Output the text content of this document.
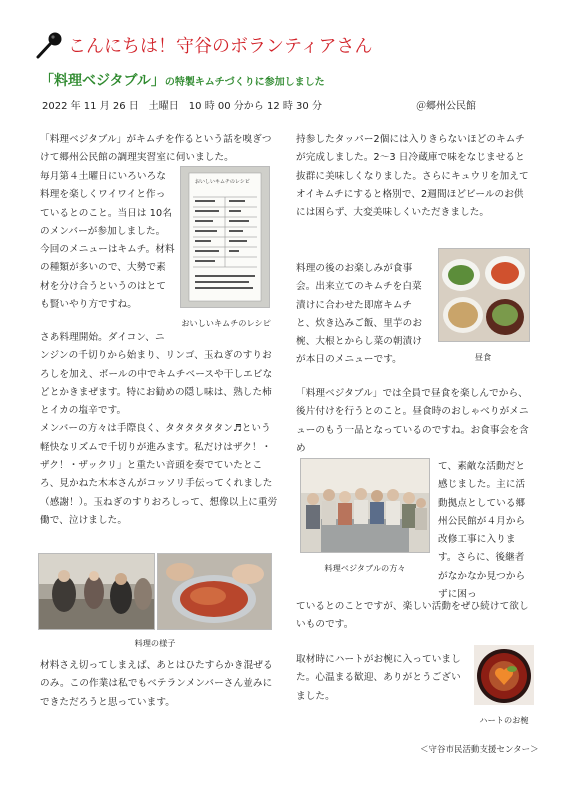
こんにちは！守谷のボランティアさん
「料理ベジタブル」の特製キムチづくりに参加しました
2022 年 11 月 26 日　土曜日　10 時 00 分から 12 時 30 分	＠郷州公民館

「料理ベジタブル」がキムチを作るという話を嗅ぎつけて郷州公民館の調理実習室に伺いました。

毎月第４土曜日にいろいろな料理を楽しくワイワイと作っているとのこと。当日は 10名のメンバーが参加しました。今回のメニューはキムチ。材料の種類が多いので、大勢で素材を分け合うというのはとても賢いやり方ですね。

おいしいキムチのレシピ
おいしいキムチのレシピ

さあ料理開始。ダイコン、ニ

ンジンの千切りから始まり、リンゴ、玉ねぎのすりおろしを加え、ボールの中でキムチベースや干しエビなどとかきまぜます。特にお勧めの隠し味は、熟した柿とイカの塩辛です。

メンバーの方々は手際良く、タタタタタタン♬という軽快なリズムで千切りが進みます。私だけはザク！・ザク！・ザックリ」と重たい音頭を奏でていたところ、見かねた木本さんがコッソリ手伝ってくれました（感謝！）。玉ねぎのすりおろしって、想像以上に重労働で、泣けました。

料理の様子

材料さえ切ってしまえば、あとはひたすらかき混ぜるのみ。この作業は私でもベテランメンバーさん並みにできただろうと思っています。

持参したタッパー2個には入りきらないほどのキムチが完成しました。2～3 日冷蔵庫で味をなじませると抜群に美味しくなりました。さらにキュウリを加えてオイキムチにすると格別で、2週間ほどビールのお供には困らず、大変美味しくいただきました。

料理の後のお楽しみが食事会。出来立てのキムチを白菜漬けに合わせた即席キムチと、炊き込みご飯、里芋のお椀、大根とからし菜の朝漬けが本日のメニューです。	昼食

「料理ベジタブル」では全員で昼食を楽しんでから、後片付けを行うとのこと。昼食時のおしゃべりがメニューのもう一品となっているのですね。お食事会を含め

料理ベジタブルの方々

て、素敵な活動だと感じました。主に活動拠点としている郷州公民館が４月から改修工事に入ります。さらに、後継者がなかなか見つからずに困っ

ているとのことですが、楽しい活動をぜひ続けて欲しいものです。

取材時にハートがお椀に入っていました。心温まる歓迎、ありがとうございました。

ハートのお椀
＜守谷市民活動支援センター＞
